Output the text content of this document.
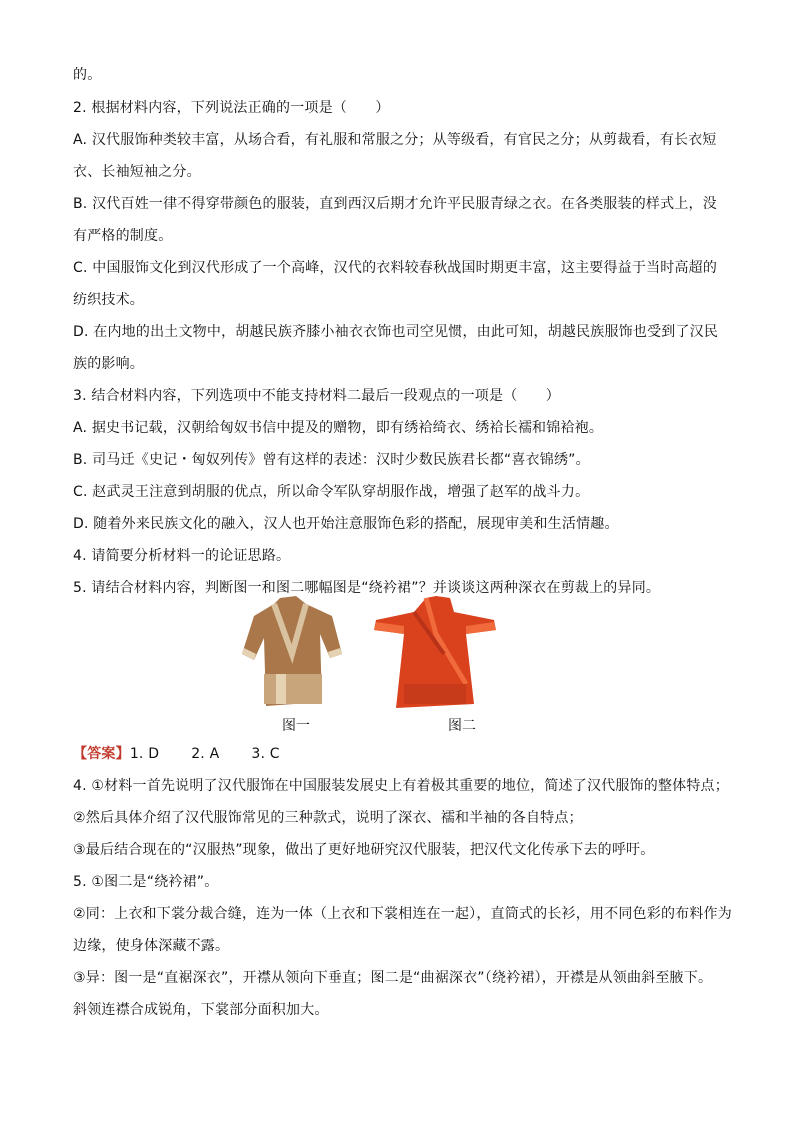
的。
2. 根据材料内容，下列说法正确的一项是（　　）
A. 汉代服饰种类较丰富，从场合看，有礼服和常服之分；从等级看，有官民之分；从剪裁看，有长衣短
衣、长袖短袖之分。
B. 汉代百姓一律不得穿带颜色的服装，直到西汉后期才允许平民服青绿之衣。在各类服装的样式上，没
有严格的制度。
C. 中国服饰文化到汉代形成了一个高峰，汉代的衣料较春秋战国时期更丰富，这主要得益于当时高超的
纺织技术。
D. 在内地的出土文物中，胡越民族齐膝小袖衣衣饰也司空见惯，由此可知，胡越民族服饰也受到了汉民
族的影响。
3. 结合材料内容，下列选项中不能支持材料二最后一段观点的一项是（　　）
A. 据史书记载，汉朝给匈奴书信中提及的赠物，即有绣袷绮衣、绣袷长襦和锦袷袍。
B. 司马迁《史记・匈奴列传》曾有这样的表述：汉时少数民族君长都“喜衣锦绣”。
C. 赵武灵王注意到胡服的优点，所以命令军队穿胡服作战，增强了赵军的战斗力。
D. 随着外来民族文化的融入，汉人也开始注意服饰色彩的搭配，展现审美和生活情趣。
4. 请简要分析材料一的论证思路。
5. 请结合材料内容，判断图一和图二哪幅图是“绕衿裙”？并谈谈这两种深衣在剪裁上的异同。
图一	图二
【答案】1. D 2. A 3. C
4. ①材料一首先说明了汉代服饰在中国服装发展史上有着极其重要的地位，简述了汉代服饰的整体特点；
②然后具体介绍了汉代服饰常见的三种款式，说明了深衣、襦和半袖的各自特点；
③最后结合现在的“汉服热”现象，做出了更好地研究汉代服装，把汉代文化传承下去的呼吁。
5. ①图二是“绕衿裙”。
②同：上衣和下裳分裁合缝，连为一体（上衣和下裳相连在一起），直筒式的长衫，用不同色彩的布料作为
边缘，使身体深藏不露。
③异：图一是“直裾深衣”，开襟从领向下垂直；图二是“曲裾深衣”（绕衿裙），开襟是从领曲斜至腋下。
斜领连襟合成锐角，下裳部分面积加大。
